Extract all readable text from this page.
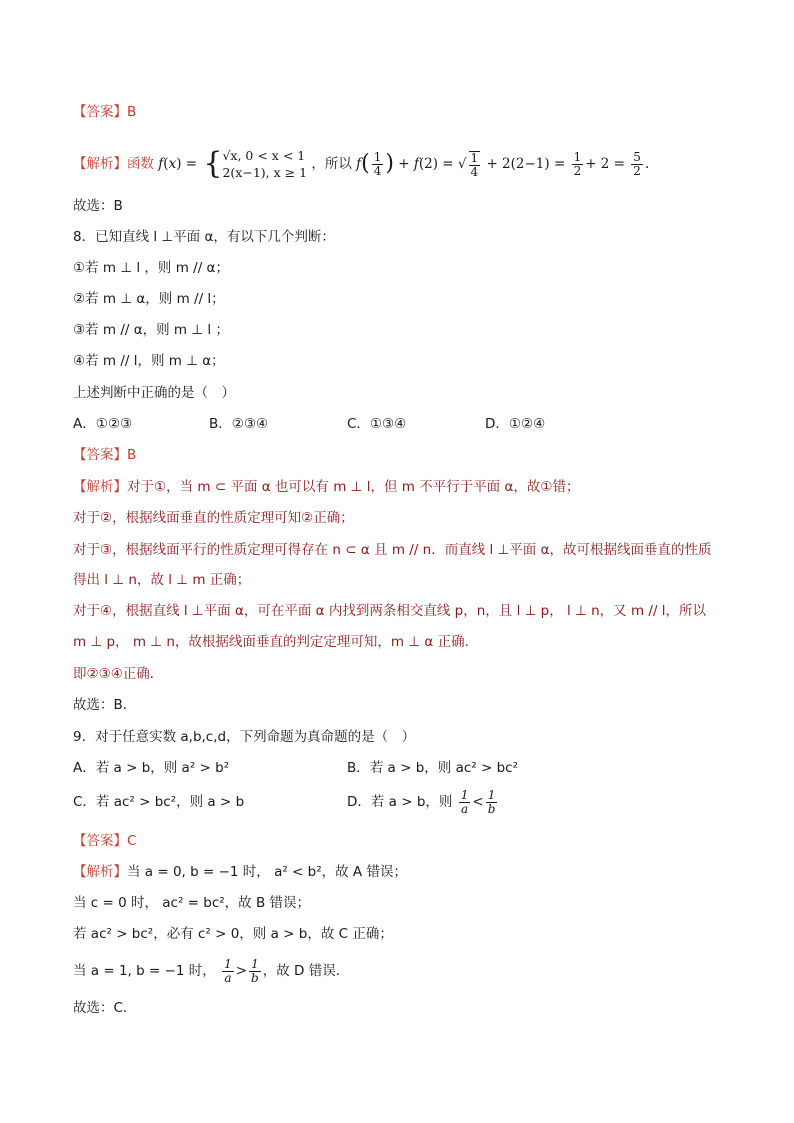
【答案】B
【解析】函数 f(x) = { √x, 0 < x < 1
2(x−1), x ≥ 1
，所以 $f( \frac{1}{4}$ ) + f(2) = √ $\frac{1}{4} + 2(2-1) = \frac{1}{2} + 2 = \frac{5}{2}$ .
故选：B
8．已知直线 l ⊥平面 α，有以下几个判断：
①若 m ⊥ l ，则 m // α；
②若 m ⊥ α，则 m // l；
③若 m // α，则 m ⊥ l ；
④若 m // l，则 m ⊥ α；
上述判断中正确的是（　）
A．①②③	B．②③④	C．①③④	D．①②④
【答案】B
【解析】对于①，当 m ⊂ 平面 α 也可以有 m ⊥ l，但 m 不平行于平面 α，故①错；
对于②，根据线面垂直的性质定理可知②正确；
对于③，根据线面平行的性质定理可得存在 n ⊂ α 且 m // n．而直线 l ⊥平面 α，故可根据线面垂直的性质
得出 l ⊥ n，故 l ⊥ m 正确；
对于④，根据直线 l ⊥平面 α，可在平面 α 内找到两条相交直线 p，n，且 l ⊥ p， l ⊥ n，又 m // l，所以
m ⊥ p， m ⊥ n，故根据线面垂直的判定定理可知，m ⊥ α 正确．
即②③④正确．
故选：B．
9．对于任意实数 a,b,c,d，下列命题为真命题的是（　）
A．若 a > b，则 a² > b²	B．若 a > b，则 ac² > bc²
C．若 ac² > bc²，则 a > b	D．若 a > b，则 $\frac{1}{a} < \frac{1}{b}$
【答案】C
【解析】当 a = 0, b = −1 时， a² < b²，故 A 错误；
当 c = 0 时， ac² = bc²，故 B 错误；
若 ac² > bc²，必有 c² > 0，则 a > b，故 C 正确；
当 a = 1, b = −1 时， $\frac{1}{a} > \frac{1}{b}$ ，故 D 错误．
故选：C．
